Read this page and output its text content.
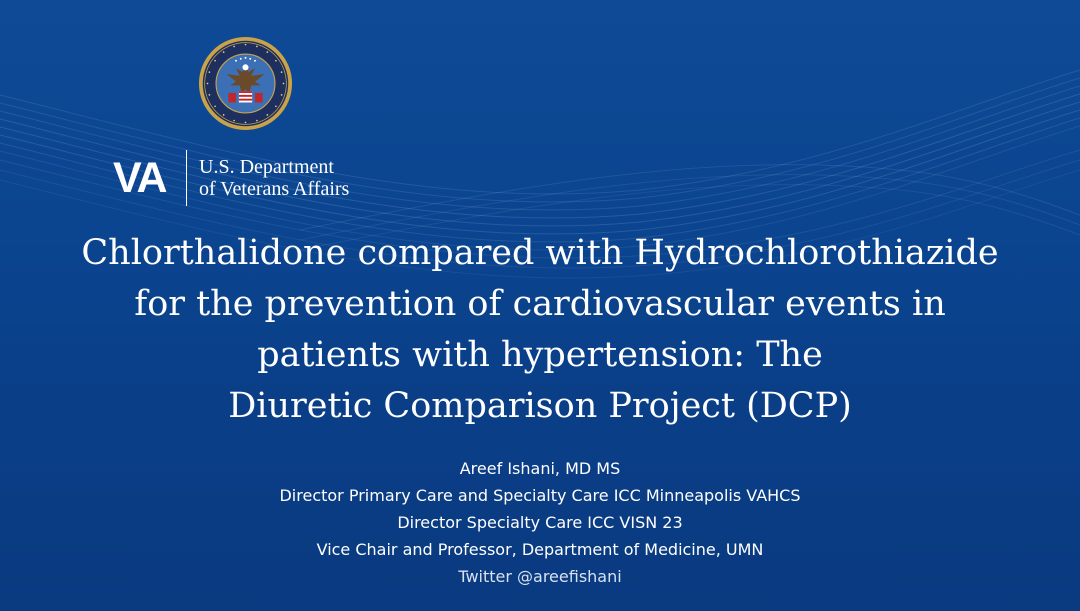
VA	U.S. Department
of Veterans Affairs
Chlorthalidone compared with Hydrochlorothiazide
for the prevention of cardiovascular events in
patients with hypertension: The
Diuretic Comparison Project (DCP)
Areef Ishani, MD MS
Director Primary Care and Specialty Care ICC Minneapolis VAHCS
Director Specialty Care ICC VISN 23
Vice Chair and Professor, Department of Medicine, UMN
Twitter @areefishani
